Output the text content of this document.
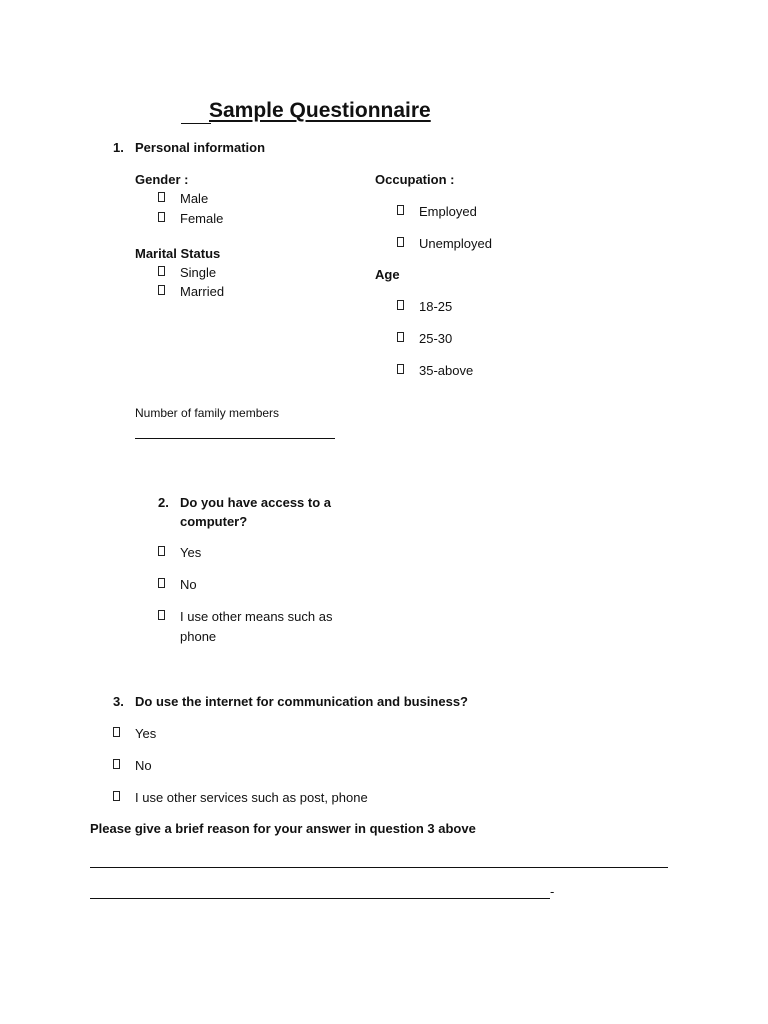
Sample Questionnaire
1. Personal information
Gender :
Male
Female
Marital Status
Single
Married
Occupation :
Employed
Unemployed
Age
18-25
25-30
35-above
Number of family members
2. Do you have access to a
computer?
Yes
No
I use other means such as
phone
3. Do use the internet for communication and business?
Yes
No
I use other services such as post, phone
Please give a brief reason for your answer in question 3 above
-
